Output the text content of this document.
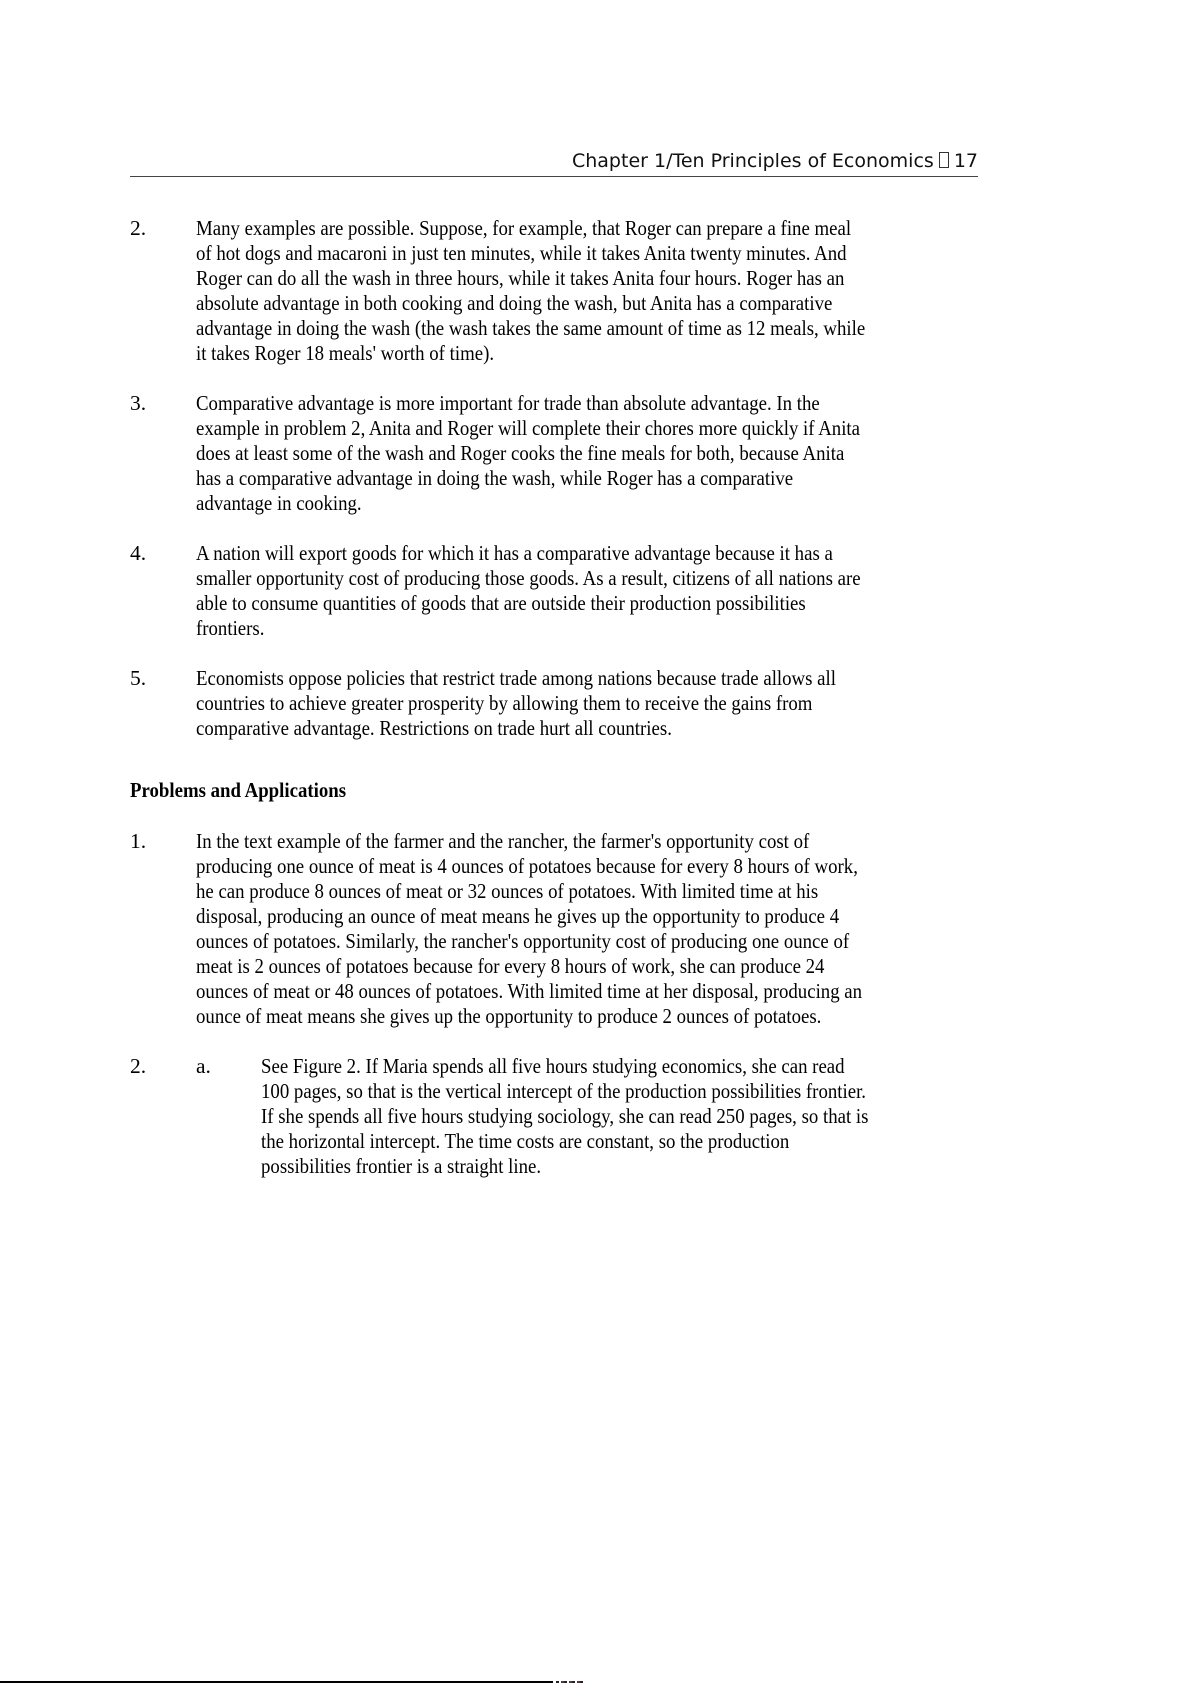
Chapter 1/Ten Principles of Economics 17
2.	Many examples are possible. Suppose, for example, that Roger can prepare a fine meal
of hot dogs and macaroni in just ten minutes, while it takes Anita twenty minutes. And
Roger can do all the wash in three hours, while it takes Anita four hours. Roger has an
absolute advantage in both cooking and doing the wash, but Anita has a comparative
advantage in doing the wash (the wash takes the same amount of time as 12 meals, while
it takes Roger 18 meals' worth of time).
3.	Comparative advantage is more important for trade than absolute advantage. In the
example in problem 2, Anita and Roger will complete their chores more quickly if Anita
does at least some of the wash and Roger cooks the fine meals for both, because Anita
has a comparative advantage in doing the wash, while Roger has a comparative
advantage in cooking.
4.	A nation will export goods for which it has a comparative advantage because it has a
smaller opportunity cost of producing those goods. As a result, citizens of all nations are
able to consume quantities of goods that are outside their production possibilities
frontiers.
5.	Economists oppose policies that restrict trade among nations because trade allows all
countries to achieve greater prosperity by allowing them to receive the gains from
comparative advantage. Restrictions on trade hurt all countries.
Problems and Applications
1.	In the text example of the farmer and the rancher, the farmer's opportunity cost of
producing one ounce of meat is 4 ounces of potatoes because for every 8 hours of work,
he can produce 8 ounces of meat or 32 ounces of potatoes. With limited time at his
disposal, producing an ounce of meat means he gives up the opportunity to produce 4
ounces of potatoes. Similarly, the rancher's opportunity cost of producing one ounce of
meat is 2 ounces of potatoes because for every 8 hours of work, she can produce 24
ounces of meat or 48 ounces of potatoes. With limited time at her disposal, producing an
ounce of meat means she gives up the opportunity to produce 2 ounces of potatoes.
2.	a.	See Figure 2. If Maria spends all five hours studying economics, she can read
100 pages, so that is the vertical intercept of the production possibilities frontier.
If she spends all five hours studying sociology, she can read 250 pages, so that is
the horizontal intercept. The time costs are constant, so the production
possibilities frontier is a straight line.
